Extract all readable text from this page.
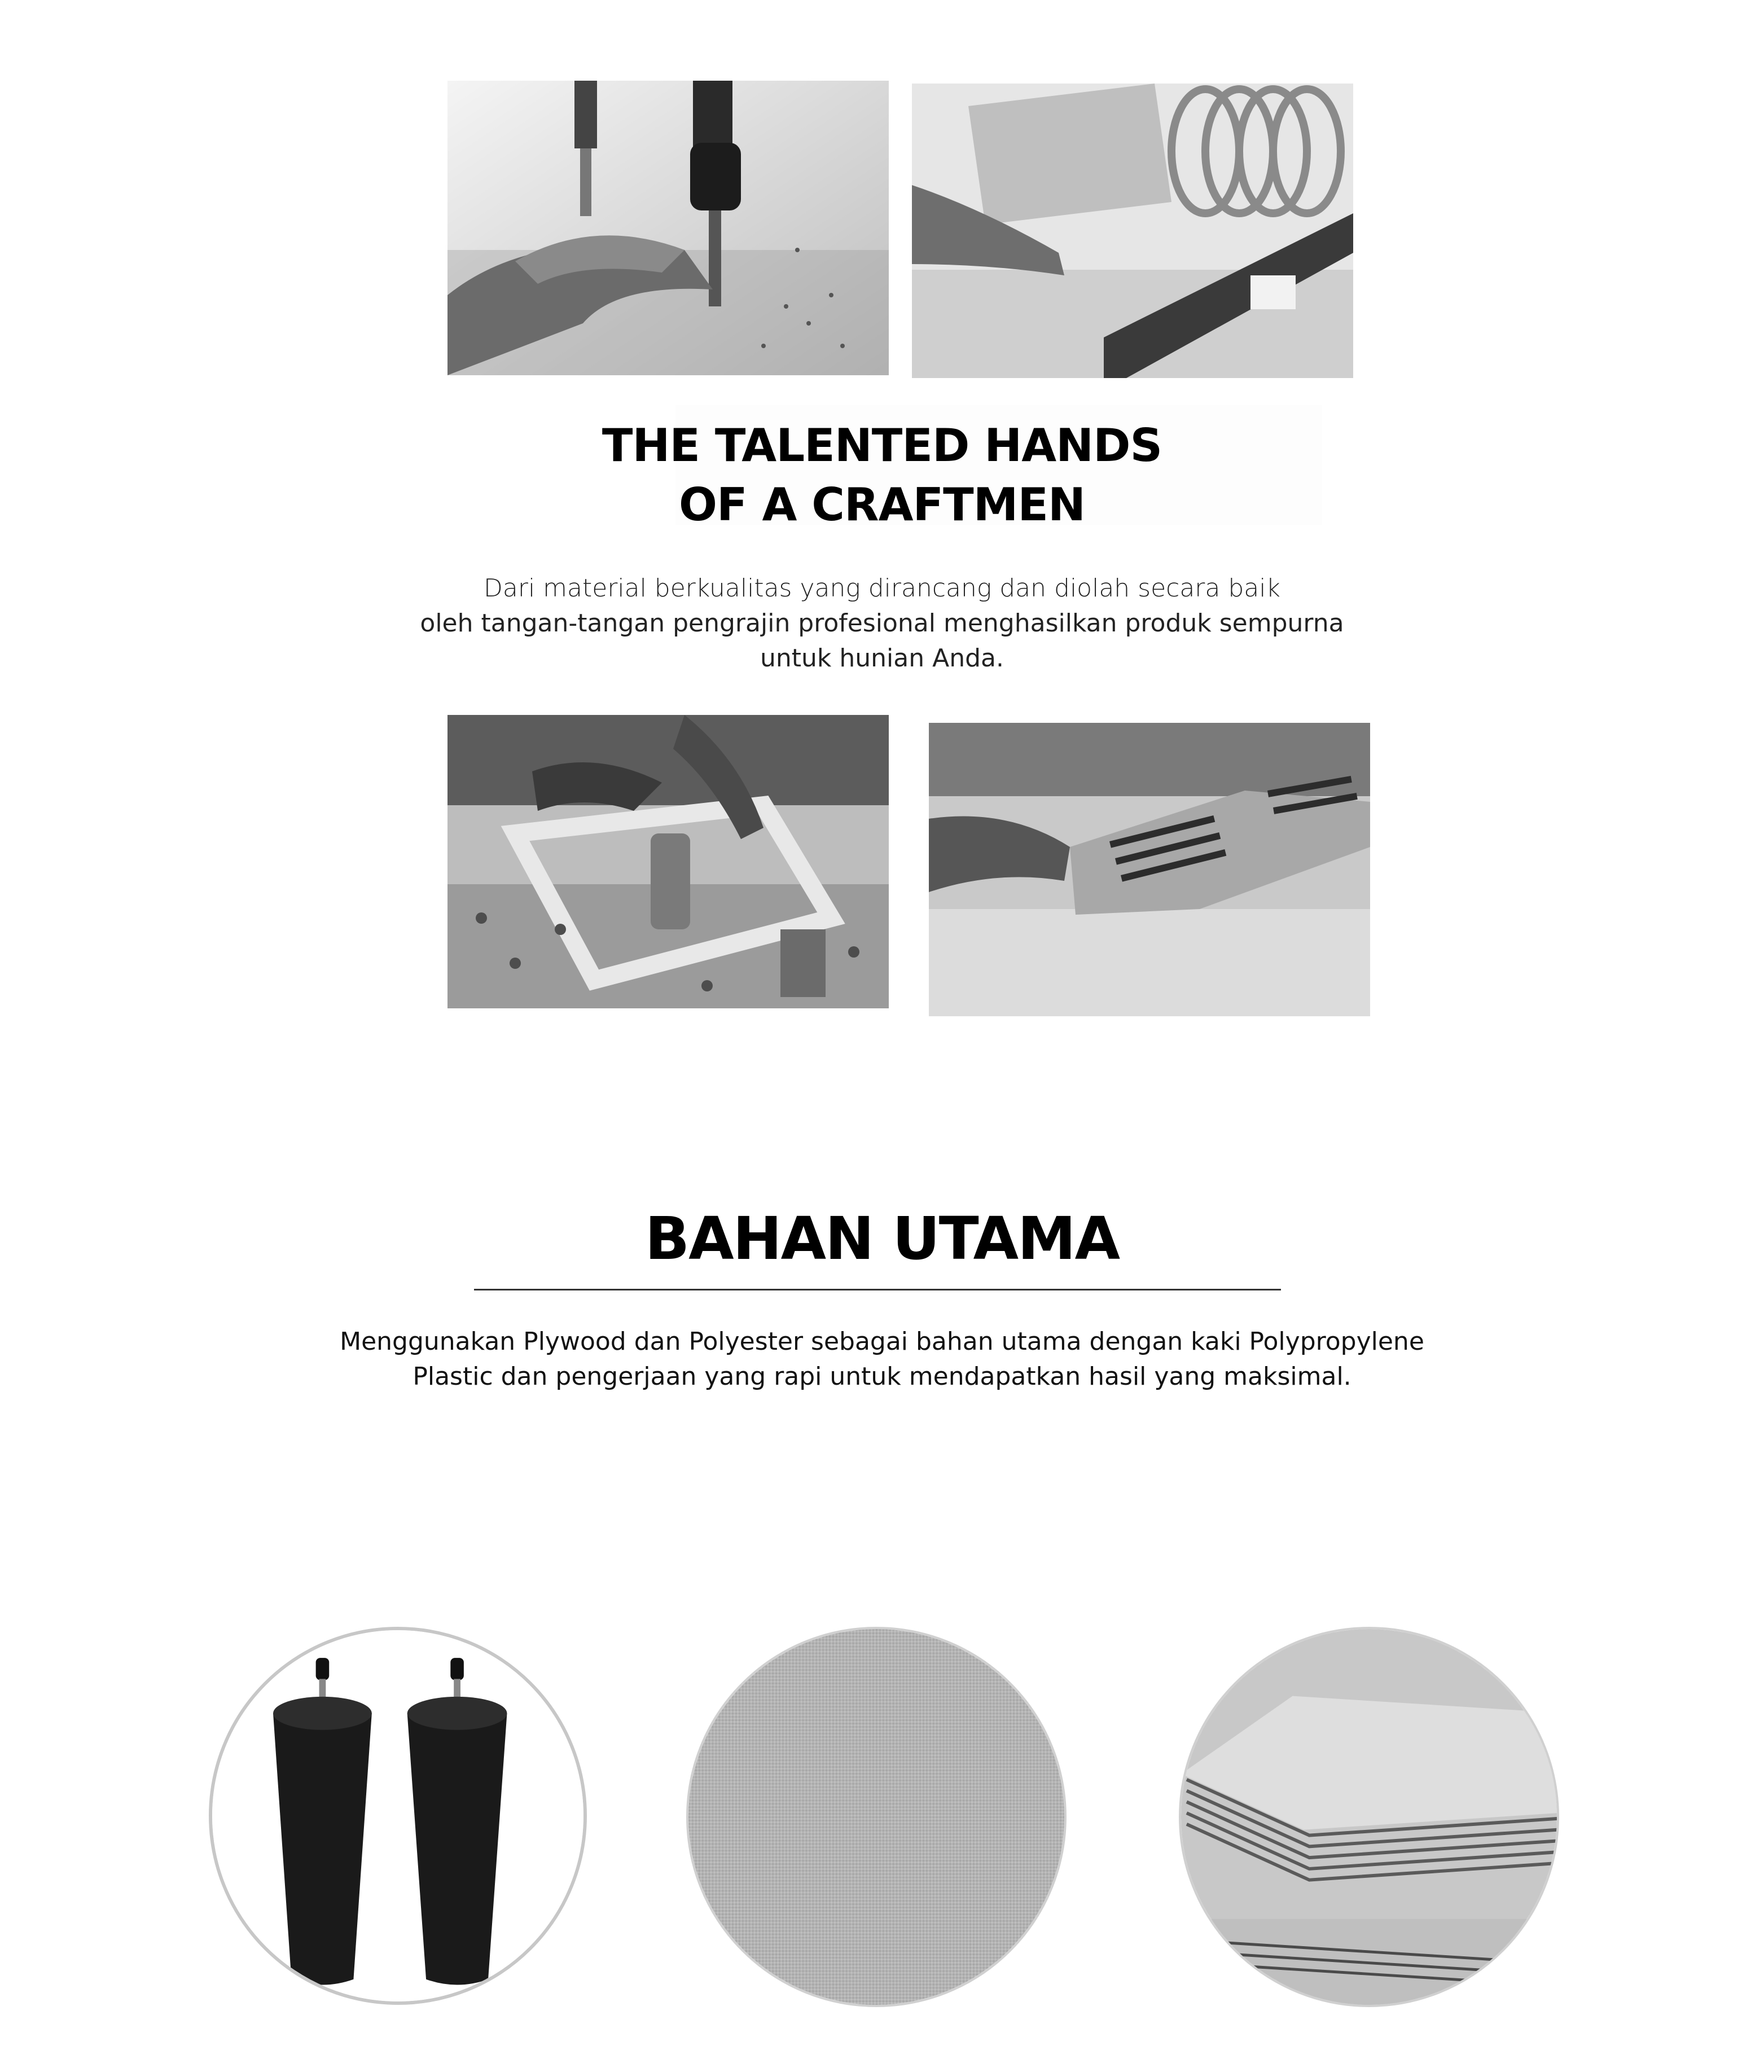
THE TALENTED HANDS
OF A CRAFTMEN
Dari material berkualitas yang dirancang dan diolah secara baik
oleh tangan-tangan pengrajin profesional menghasilkan produk sempurna
untuk hunian Anda.
BAHAN UTAMA
Menggunakan Plywood dan Polyester sebagai bahan utama dengan kaki Polypropylene
Plastic dan pengerjaan yang rapi untuk mendapatkan hasil yang maksimal.
